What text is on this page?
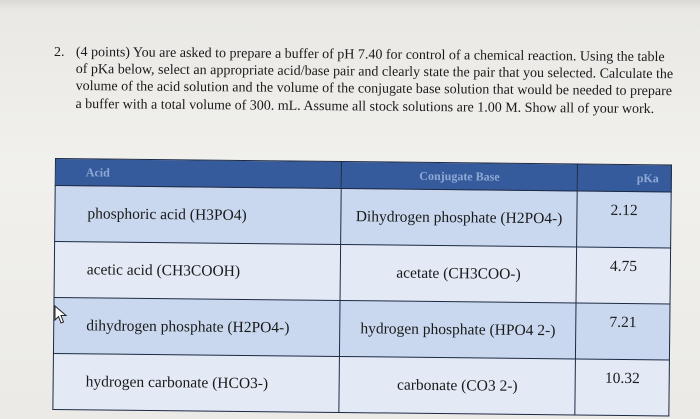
2. (4 points) You are asked to prepare a buffer of pH 7.40 for control of a chemical reaction. Using the table of pKa below, select an appropriate acid/base pair and clearly state the pair that you selected. Calculate the volume of the acid solution and the volume of the conjugate base solution that would be needed to prepare a buffer with a total volume of 300. mL. Assume all stock solutions are 1.00 M. Show all of your work.
Acid	Conjugate Base	pKa
phosphoric acid (H3PO4)	Dihydrogen phosphate (H2PO4-)	2.12
acetic acid (CH3COOH)	acetate (CH3COO-)	4.75
dihydrogen phosphate (H2PO4-)	hydrogen phosphate (HPO4 2-)	7.21
hydrogen carbonate (HCO3-)	carbonate (CO3 2-)	10.32
